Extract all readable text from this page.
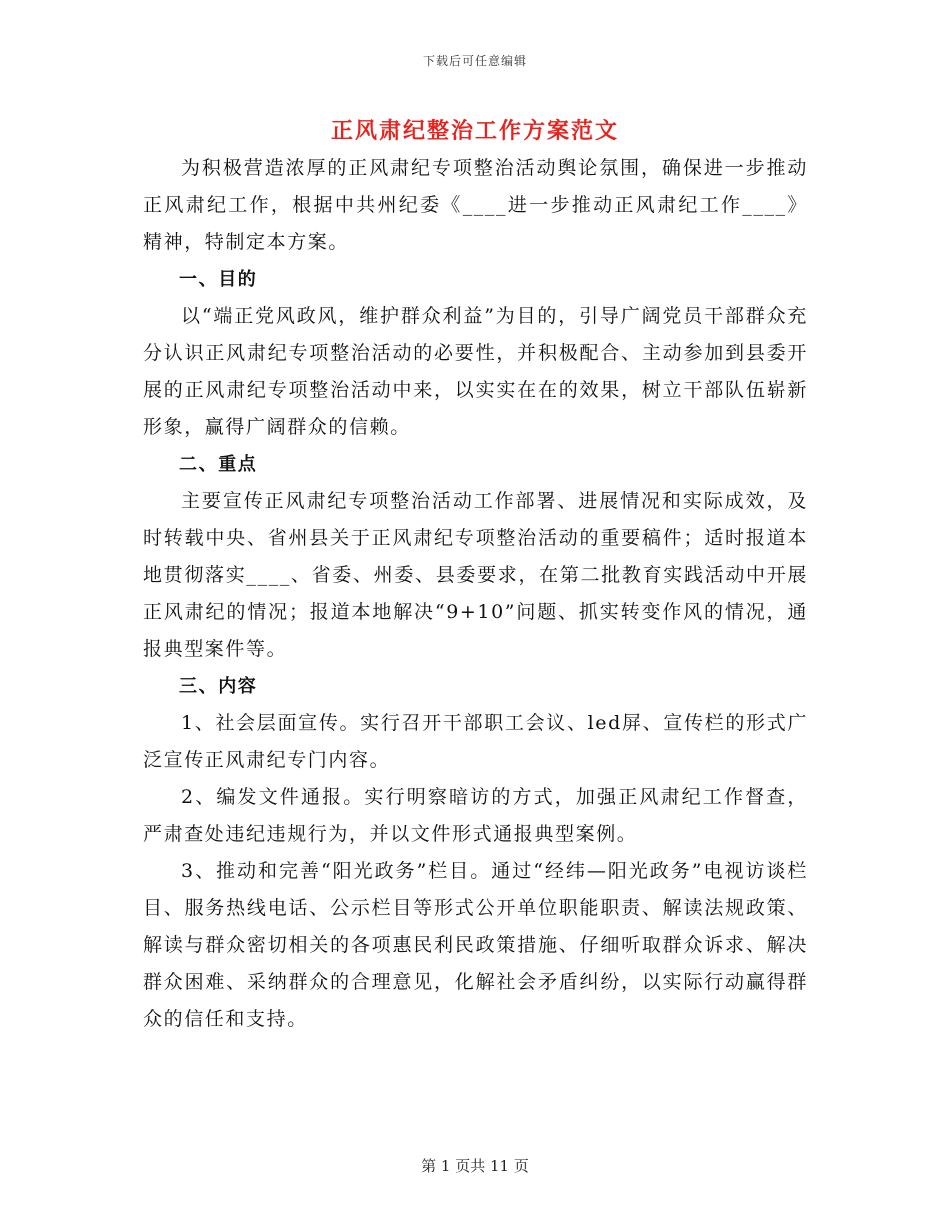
下载后可任意编辑
正风肃纪整治工作方案范文

为积极营造浓厚的正风肃纪专项整治活动舆论氛围，确保进一步推动正风肃纪工作，根据中共州纪委《____进一步推动正风肃纪工作____》精神，特制定本方案。

一、目的

以“端正党风政风，维护群众利益”为目的，引导广阔党员干部群众充分认识正风肃纪专项整治活动的必要性，并积极配合、主动参加到县委开展的正风肃纪专项整治活动中来，以实实在在的效果，树立干部队伍崭新形象，赢得广阔群众的信赖。

二、重点

主要宣传正风肃纪专项整治活动工作部署、进展情况和实际成效，及时转载中央、省州县关于正风肃纪专项整治活动的重要稿件；适时报道本地贯彻落实____、省委、州委、县委要求，在第二批教育实践活动中开展正风肃纪的情况；报道本地解决“9+10”问题、抓实转变作风的情况，通报典型案件等。

三、内容

1、社会层面宣传。实行召开干部职工会议、led屏、宣传栏的形式广泛宣传正风肃纪专门内容。

2、编发文件通报。实行明察暗访的方式，加强正风肃纪工作督查，严肃查处违纪违规行为，并以文件形式通报典型案例。

3、推动和完善“阳光政务”栏目。通过“经纬—阳光政务”电视访谈栏目、服务热线电话、公示栏目等形式公开单位职能职责、解读法规政策、解读与群众密切相关的各项惠民利民政策措施、仔细听取群众诉求、解决群众困难、采纳群众的合理意见，化解社会矛盾纠纷，以实际行动赢得群众的信任和支持。

第 1 页共 11 页
